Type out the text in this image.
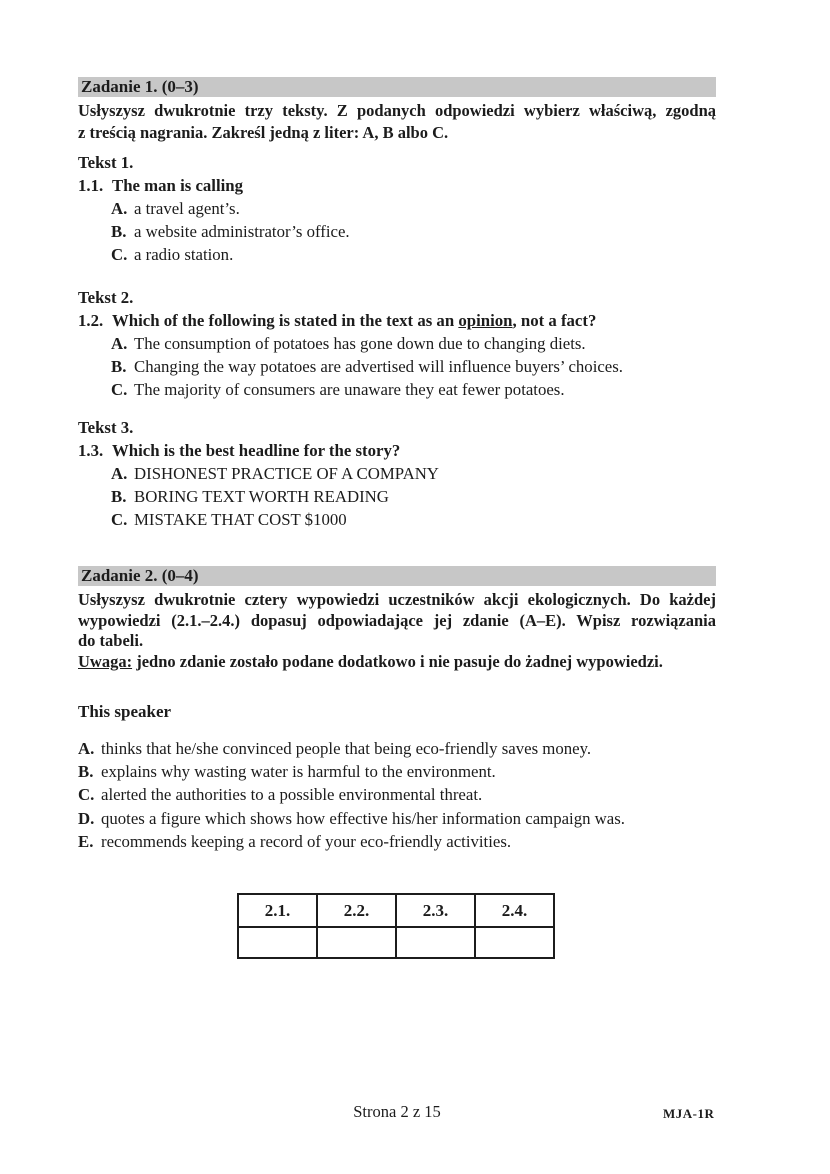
Zadanie 1. (0–3)
Usłyszysz dwukrotnie trzy teksty. Z podanych odpowiedzi wybierz właściwą, zgodną
z treścią nagrania. Zakreśl jedną z liter: A, B albo C.
Tekst 1.
1.1. The man is calling
A. a travel agent’s.
B. a website administrator’s office.
C. a radio station.
Tekst 2.
1.2. Which of the following is stated in the text as an opinion, not a fact?
A. The consumption of potatoes has gone down due to changing diets.
B. Changing the way potatoes are advertised will influence buyers’ choices.
C. The majority of consumers are unaware they eat fewer potatoes.
Tekst 3.
1.3. Which is the best headline for the story?
A. DISHONEST PRACTICE OF A COMPANY
B. BORING TEXT WORTH READING
C. MISTAKE THAT COST $1000
Zadanie 2. (0–4)
Usłyszysz dwukrotnie cztery wypowiedzi uczestników akcji ekologicznych. Do każdej
wypowiedzi (2.1.–2.4.) dopasuj odpowiadające jej zdanie (A–E). Wpisz rozwiązania
do tabeli.
Uwaga: jedno zdanie zostało podane dodatkowo i nie pasuje do żadnej wypowiedzi.
This speaker
A. thinks that he/she convinced people that being eco-friendly saves money.
B. explains why wasting water is harmful to the environment.
C. alerted the authorities to a possible environmental threat.
D. quotes a figure which shows how effective his/her information campaign was.
E. recommends keeping a record of your eco-friendly activities.
2.1.	2.2.	2.3.	2.4.

Strona 2 z 15	MJA-1R
